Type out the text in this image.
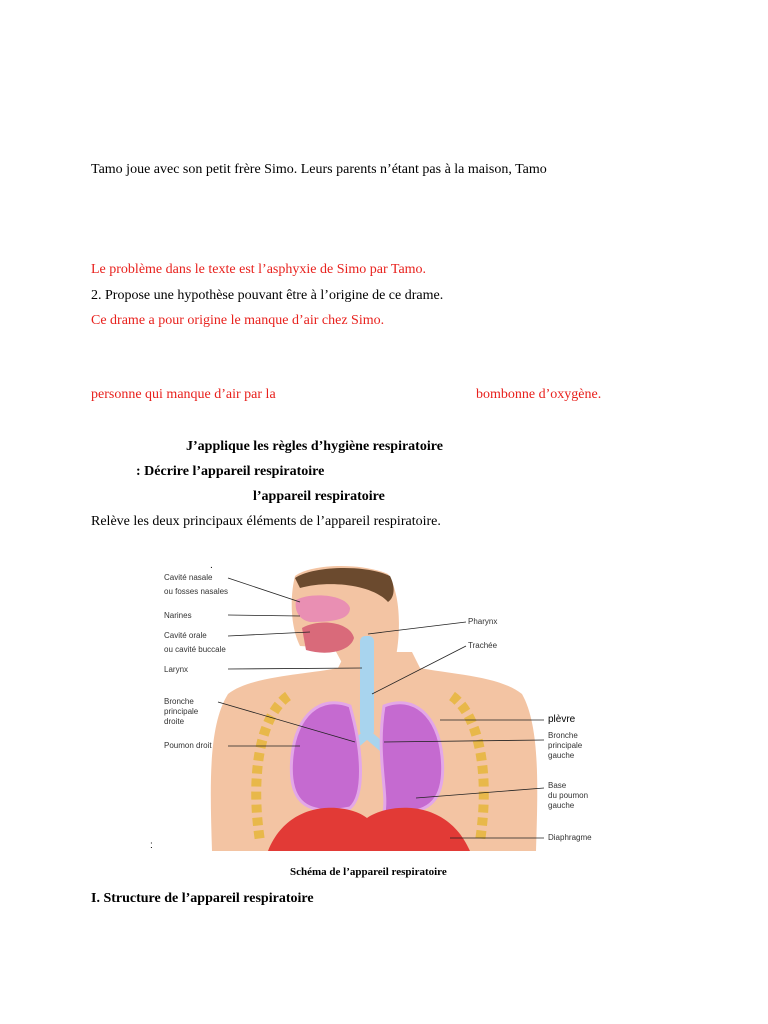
Tamo joue avec son petit frère Simo. Leurs parents n’étant pas à la maison, Tamo
Le problème dans le texte est l’asphyxie de Simo par Tamo.
2. Propose une hypothèse pouvant être à l’origine de ce drame.
Ce drame a pour origine le manque d’air chez Simo.
personne qui manque d’air par la	bombonne d’oxygène.
J’applique les règles d’hygiène respiratoire
: Décrire l’appareil respiratoire
l’appareil respiratoire
Relève les deux principaux éléments de l’appareil respiratoire.
.
Cavité nasale
ou fosses nasales
Narines
Cavité orale
ou cavité buccale
Larynx
Bronche
principale
droite
Poumon droit
Pharynx
Trachée
plèvre
Bronche
principale
gauche
Base
du poumon
gauche
Diaphragme
:
Schéma de l’appareil respiratoire
I. Structure de l’appareil respiratoire
